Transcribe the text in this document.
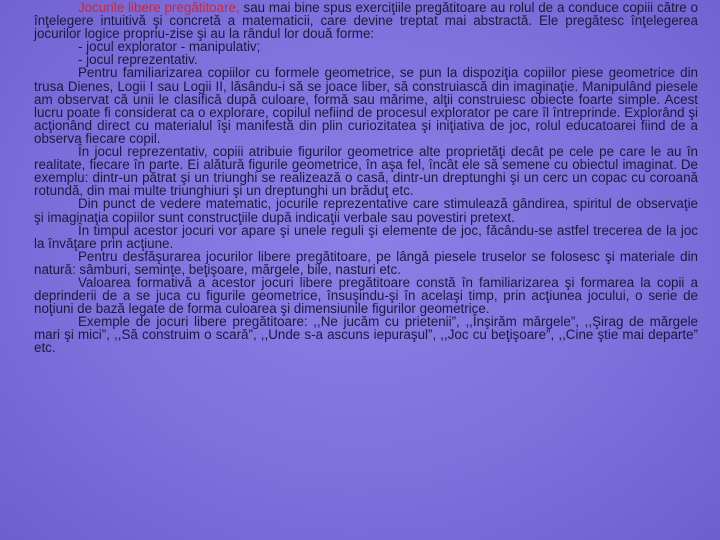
Jocurile libere pregătitoare, sau mai bine spus exerciţiile pregătitoare au rolul de a conduce copiii către o înţelegere intuitivă şi concretă a matematicii, care devine treptat mai abstractă. Ele pregătesc înţelegerea jocurilor logice propriu-zise şi au la rândul lor două forme:

- jocul explorator - manipulativ;

- jocul reprezentativ.

Pentru familiarizarea copiilor cu formele geometrice, se pun la dispoziţia copiilor piese geometrice din trusa Dienes, Logii I sau Logii II, lăsându-i să se joace liber, să construiască din imaginaţie. Manipulând piesele am observat că unii le clasifică după culoare, formă sau mărime, alţii construiesc obiecte foarte simple. Acest lucru poate fi considerat ca o explorare, copilul nefiind de procesul explorator pe care îl întreprinde. Explorând şi acţionând direct cu materialul îşi manifestă din plin curiozitatea şi iniţiativa de joc, rolul educatoarei fiind de a observa fiecare copil.

În jocul reprezentativ, copiii atribuie figurilor geometrice alte proprietăţi decât pe cele pe care le au în realitate, fiecare în parte. Ei alătură figurile geometrice, în aşa fel, încât ele să semene cu obiectul imaginat. De exemplu: dintr-un pătrat şi un triunghi se realizează o casă, dintr-un dreptunghi şi un cerc un copac cu coroană rotundă, din mai multe triunghiuri şi un dreptunghi un brăduţ etc.

Din punct de vedere matematic, jocurile reprezentative care stimulează gândirea, spiritul de observaţie şi imaginaţia copiilor sunt construcţiile după indicaţii verbale sau povestiri pretext.

În timpul acestor jocuri vor apare şi unele reguli şi elemente de joc, făcându-se astfel trecerea de la joc la învăţare prin acţiune.

Pentru desfăşurarea jocurilor libere pregătitoare, pe lângă piesele truselor se folosesc şi materiale din natură: sâmburi, seminţe, beţişoare, mărgele, bile, nasturi etc.

Valoarea formativă a acestor jocuri libere pregătitoare constă în familiarizarea şi formarea la copii a deprinderii de a se juca cu figurile geometrice, însuşindu-şi în acelaşi timp, prin acţiunea jocului, o serie de noţiuni de bază legate de forma culoarea şi dimensiunile figurilor geometrice.

Exemple de jocuri libere pregătitoare: ,,Ne jucăm cu prietenii”, ,,Înşirăm mărgele”, ,,Şirag de mărgele mari şi mici”, ,,Să construim o scară”, ,,Unde s-a ascuns iepuraşul”, ,,Joc cu beţişoare”, ,,Cine ştie mai departe” etc.
